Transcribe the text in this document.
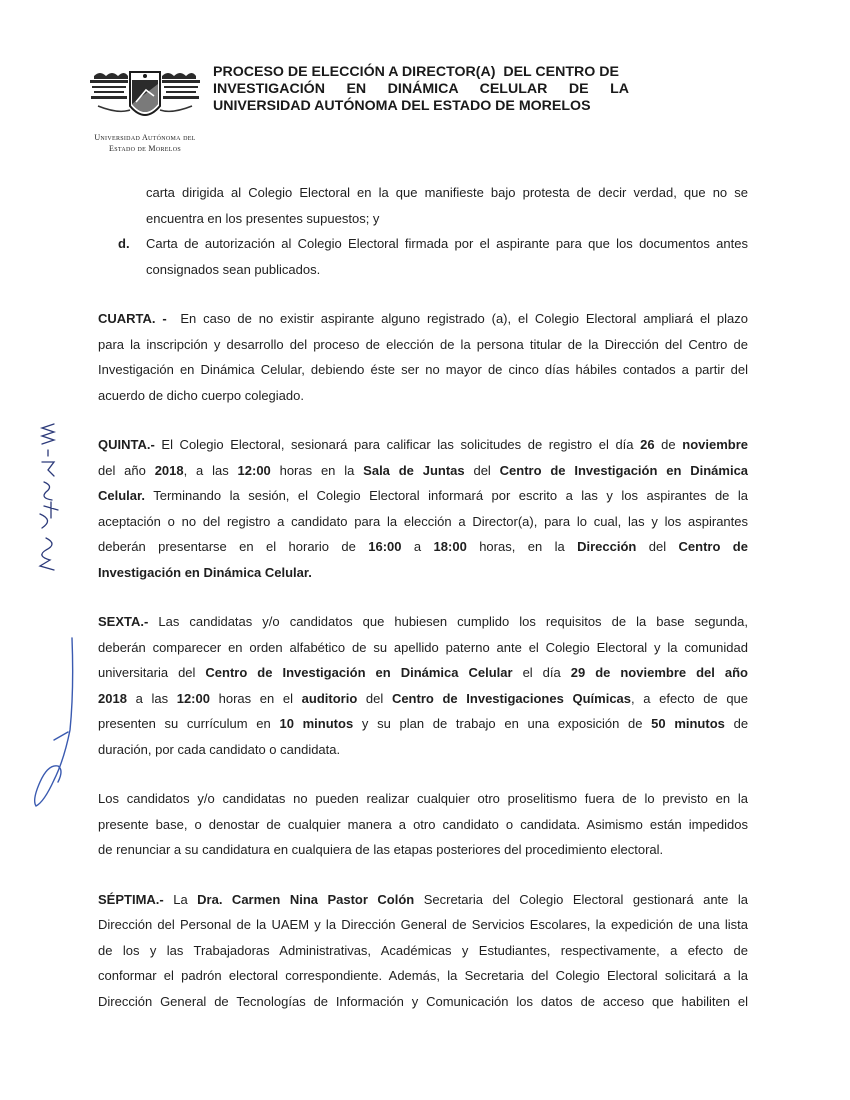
Universidad Autónoma del
Estado de Morelos
PROCESO DE ELECCIÓN A DIRECTOR(A)  DEL CENTRO DE
INVESTIGACIÓN EN DINÁMICA CELULAR DE LA
UNIVERSIDAD AUTÓNOMA DEL ESTADO DE MORELOS
carta dirigida al Colegio Electoral en la que manifieste bajo protesta de decir verdad, que no se
encuentra en los presentes supuestos; y
d. Carta de autorización al Colegio Electoral firmada por el aspirante para que los documentos antes
consignados sean publicados.
CUARTA. -  En caso de no existir aspirante alguno registrado (a), el Colegio Electoral ampliará el plazo
para la inscripción y desarrollo del proceso de elección de la persona titular de la Dirección del Centro de
Investigación en Dinámica Celular, debiendo éste ser no mayor de cinco días hábiles contados a partir del
acuerdo de dicho cuerpo colegiado.
QUINTA.- El Colegio Electoral, sesionará para calificar las solicitudes de registro el día 26 de noviembre
del año 2018, a las 12:00 horas en la Sala de Juntas del Centro de Investigación en Dinámica
Celular. Terminando la sesión, el Colegio Electoral informará por escrito a las y los aspirantes de la
aceptación o no del registro a candidato para la elección a Director(a), para lo cual, las y los aspirantes
deberán presentarse en el horario de 16:00 a 18:00 horas, en la Dirección del Centro de
Investigación en Dinámica Celular.
SEXTA.- Las candidatas y/o candidatos que hubiesen cumplido los requisitos de la base segunda,
deberán comparecer en orden alfabético de su apellido paterno ante el Colegio Electoral y la comunidad
universitaria del Centro de Investigación en Dinámica Celular el día 29 de noviembre del año
2018 a las 12:00 horas en el auditorio del Centro de Investigaciones Químicas, a efecto de que
presenten su currículum en 10 minutos y su plan de trabajo en una exposición de 50 minutos de
duración, por cada candidato o candidata.
Los candidatos y/o candidatas no pueden realizar cualquier otro proselitismo fuera de lo previsto en la
presente base, o denostar de cualquier manera a otro candidato o candidata. Asimismo están impedidos
de renunciar a su candidatura en cualquiera de las etapas posteriores del procedimiento electoral.
SÉPTIMA.- La Dra. Carmen Nina Pastor Colón Secretaria del Colegio Electoral gestionará ante la
Dirección del Personal de la UAEM y la Dirección General de Servicios Escolares, la expedición de una lista
de los y las Trabajadoras Administrativas, Académicas y Estudiantes, respectivamente, a efecto de
conformar el padrón electoral correspondiente. Además, la Secretaria del Colegio Electoral solicitará a la
Dirección General de Tecnologías de Información y Comunicación los datos de acceso que habiliten el
